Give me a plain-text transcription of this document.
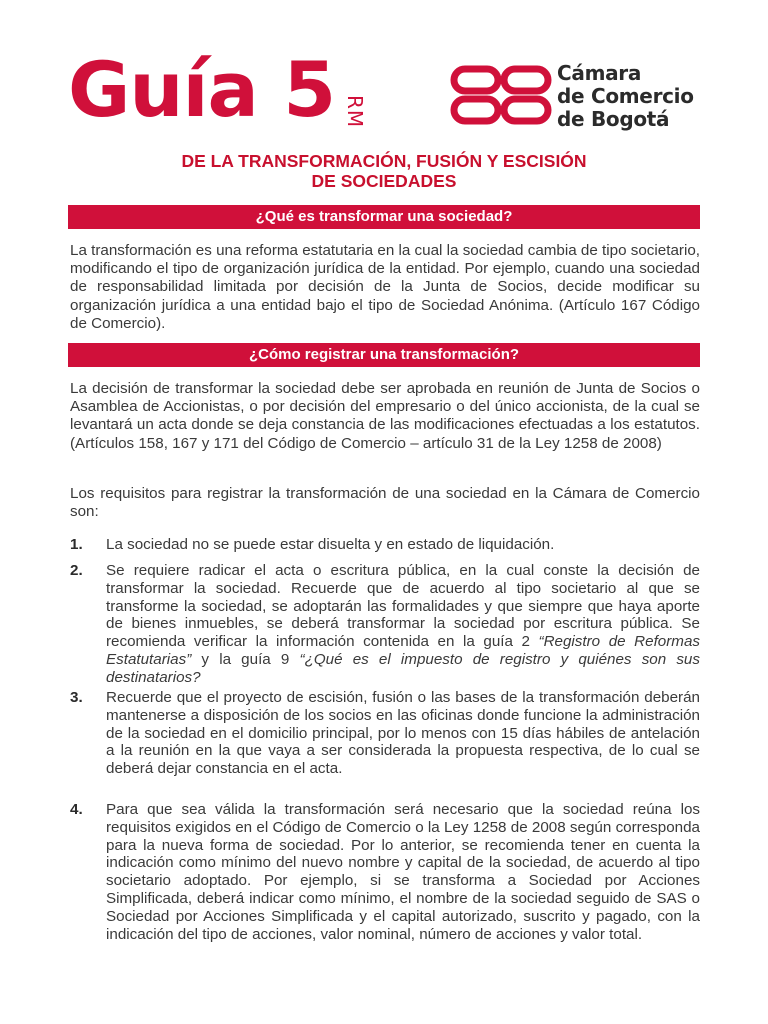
Guía 5 RM
Cámara
de Comercio
de Bogotá
DE LA TRANSFORMACIÓN, FUSIÓN Y ESCISIÓN
DE SOCIEDADES
¿Qué es transformar una sociedad?
La transformación es una reforma estatutaria en la cual la sociedad cambia de tipo societario, modificando el tipo de organización jurídica de la entidad. Por ejemplo, cuando una sociedad de responsabilidad limitada por decisión de la Junta de Socios, decide modificar su organización jurídica a una entidad bajo el tipo de Sociedad Anónima. (Artículo 167 Código de Comercio).
¿Cómo registrar una transformación?
La decisión de transformar la sociedad debe ser aprobada en reunión de Junta de Socios o Asamblea de Accionistas, o por decisión del empresario o del único accionista, de la cual se levantará un acta donde se deja constancia de las modificaciones efectuadas a los estatutos. (Artículos 158, 167 y 171 del Código de Comercio – artículo 31 de la Ley 1258 de 2008)
Los requisitos para registrar la transformación de una sociedad en la Cámara de Comercio son:
1. La sociedad no se puede estar disuelta y en estado de liquidación.
2. Se requiere radicar el acta o escritura pública, en la cual conste la decisión de transformar la sociedad. Recuerde que de acuerdo al tipo societario al que se transforme la sociedad, se adoptarán las formalidades y que siempre que haya aporte de bienes inmuebles, se deberá transformar la sociedad por escritura pública. Se recomienda verificar la información contenida en la guía 2 “Registro de Reformas Estatutarias” y la guía 9 “¿Qué es el impuesto de registro y quiénes son sus destinatarios?
3. Recuerde que el proyecto de escisión, fusión o las bases de la transformación deberán mantenerse a disposición de los socios en las oficinas donde funcione la administración de la sociedad en el domicilio principal, por lo menos con 15 días hábiles de antelación a la reunión en la que vaya a ser considerada la propuesta respectiva, de lo cual se deberá dejar constancia en el acta.
4. Para que sea válida la transformación será necesario que la sociedad reúna los requisitos exigidos en el Código de Comercio o la Ley 1258 de 2008 según corresponda para la nueva forma de sociedad. Por lo anterior, se recomienda tener en cuenta la indicación como mínimo del nuevo nombre y capital de la sociedad, de acuerdo al tipo societario adoptado. Por ejemplo, si se transforma a Sociedad por Acciones Simplificada, deberá indicar como mínimo, el nombre de la sociedad seguido de SAS o Sociedad por Acciones Simplificada y el capital autorizado, suscrito y pagado, con la indicación del tipo de acciones, valor nominal, número de acciones y valor total.
